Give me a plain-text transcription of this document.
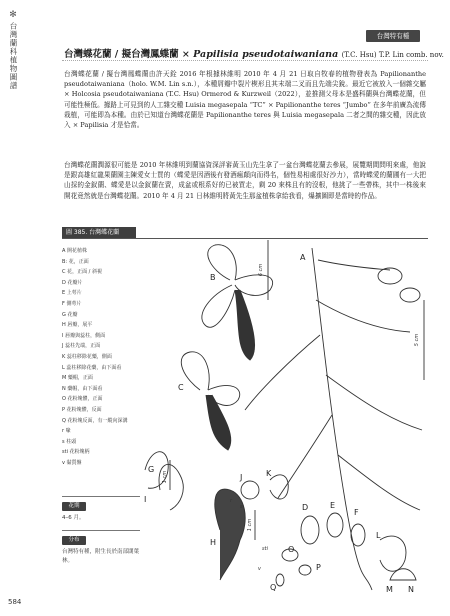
✻
台灣蘭科植物圖譜	台灣特有種
台灣蝶花蘭 / 擬台灣鳳蝶蘭 × Papilisia pseudotaiwaniana (T.C. Hsu) T.P. Lin comb. nov.

台灣蝶花蘭 / 擬台灣鳳蝶蘭由許天銓 2016 年根據林維明 2010 年 4 月 21 日取自牧春的植物發表為 Papilionanthe pseudotaiwaniana（holo. W.M. Lin s.n.），本種屑瓣中裂片楔形且其末端二叉而且先端尖銳。最近它被放入一個雜交屬 × Holcosia pseudotaiwaniana (T.C. Hsu) Ormerod & Kurzweil（2022），並推測父母本是盛科蘭與台灣蝶花蘭，但可能性極低。據路上可見到的人工雜交種 Luisia megasepala “TC” × Papilionanthe teres “Jumbo” 在多年前廣為流傳栽植，可能即為本種。由於已知道台灣蝶花蘭是 Papilionanthe teres 與 Luisia megasepala 二者之間的雜交種，因此放入 × Papilisia 才是恰當。

台灣蝶花蘭潤源很可能是 2010 年林維明到蘭協資深評審黃玉山先生拿了一盆台灣蝶花蘭去參展，展覽期間問明來處，他說是跟高雄紅龍果蘭園主陳愛女士買的（蝶愛是因酒後有發酒瘋顛向而得名，個性易相處很好沙力），當時蝶愛的蘭圃有一大把山採的金釵蘭、蝶愛是以金釵蘭在賣，成盆或根系好的已被買走，剩 20 來株且有的沒根，他挑了一些帶株，其中一株後來開花竟然就是台灣蝶花蘭。2010 年 4 月 21 日林維明將黃先生那盆植株拿給我看，爆擴圖即是當時的作品。

圖 385. 台灣蝶花蘭
A 開花植株
B: 花，正面
C 花，正面 / 斜視
D 花瓣片
E 上萼片
F 側萼片
G 花瓣
H 唇瓣，展平
I 唇瓣與蕊柱，側面
J 蕊柱先端，正面
K 蕊柱移除花藥，側面
L 蕊柱移除花藥，由下面看
M 藥帽，正面
N 藥帽，由下面看
O 花粉塊體，正面
P 花粉塊體，反面
Q 花粉塊反面，有一縱向深溝
r 喙
s 柱頭
sti 花粉塊柄
v 黏質盤
花期
4–6 月。
分布
台灣特有種，附生長於南部闊葉林。
A
B
C
D	E
F
G
H
I
J	K
L
M N
O
P
Q
6 cm
5 cm
1 cm
1 cm
sti
v
r
s
584
